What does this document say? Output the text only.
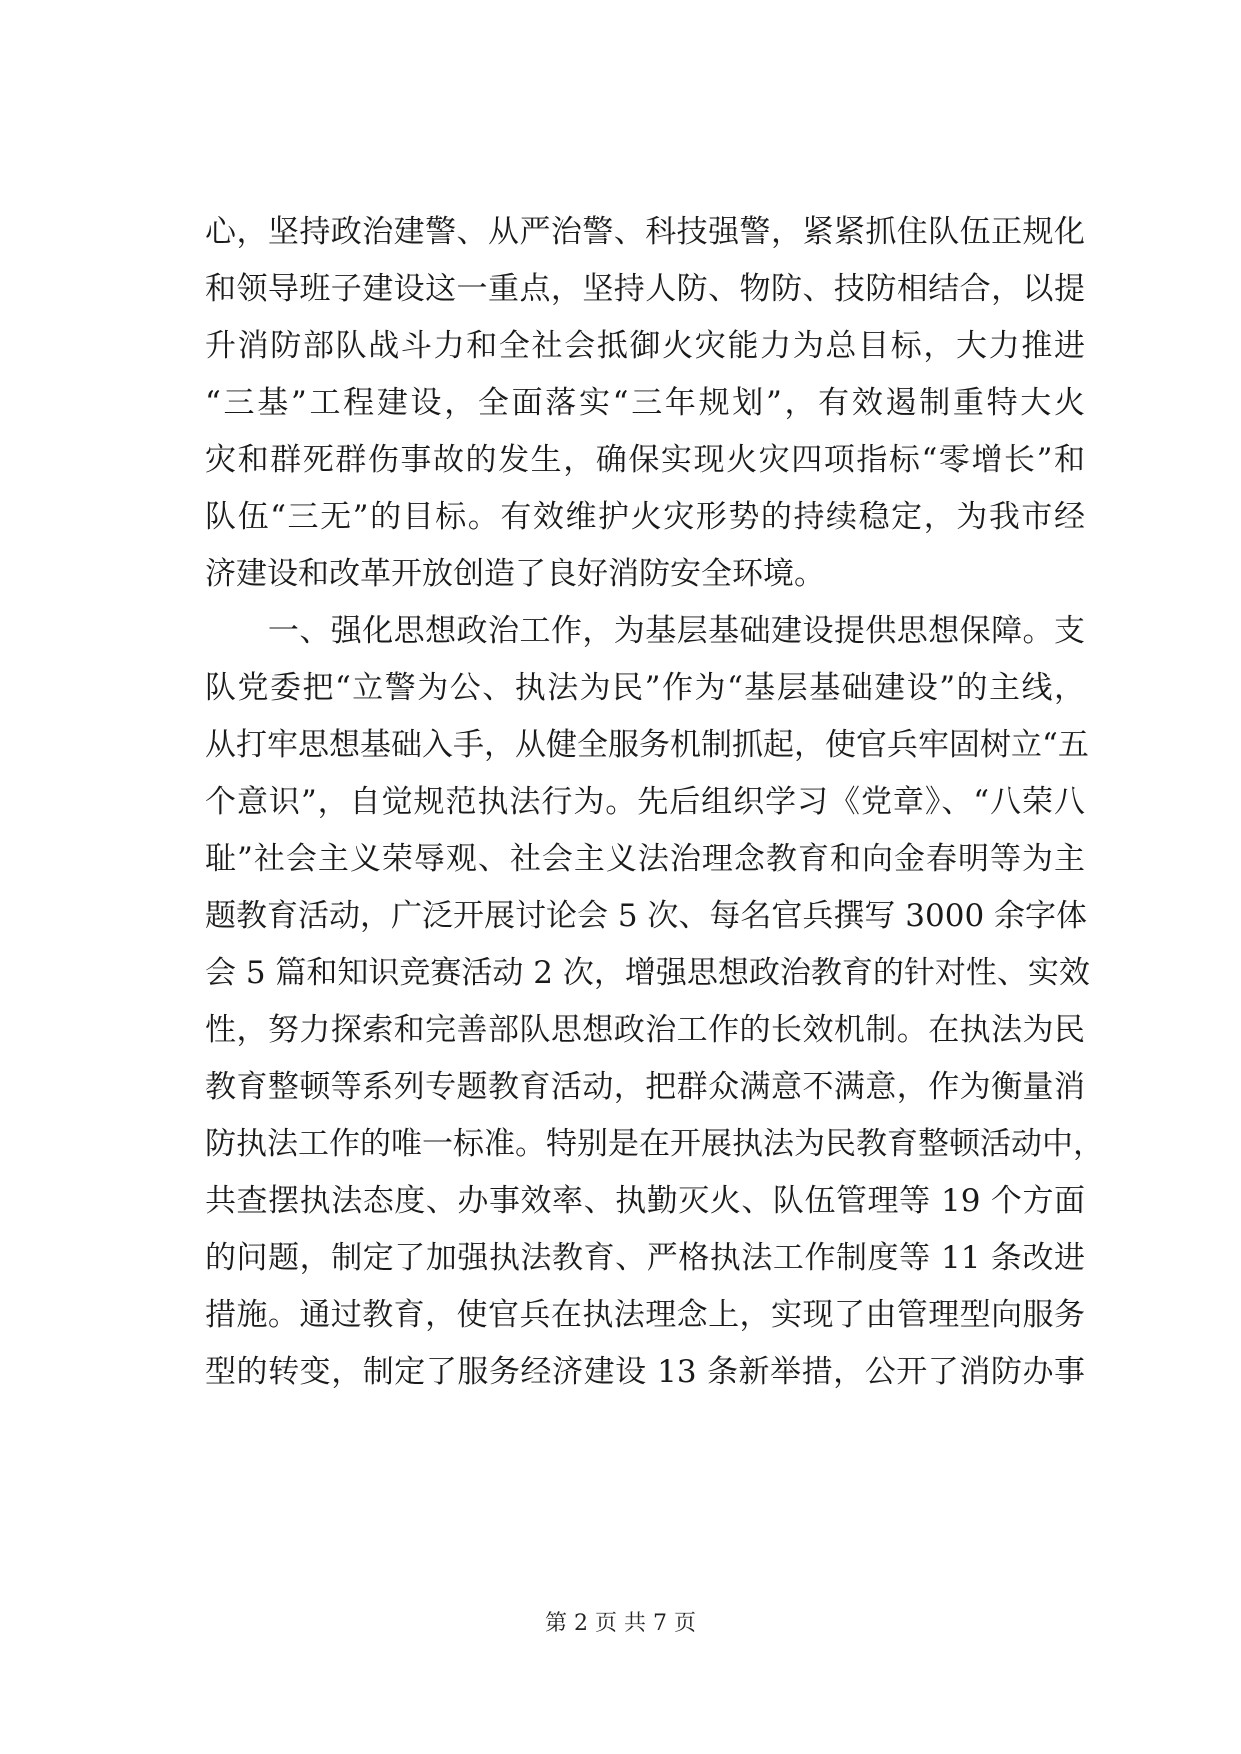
心，坚持政治建警、从严治警、科技强警，紧紧抓住队伍正规化
和领导班子建设这一重点，坚持人防、物防、技防相结合，以提
升消防部队战斗力和全社会抵御火灾能力为总目标，大力推进
“三基”工程建设，全面落实“三年规划”，有效遏制重特大火
灾和群死群伤事故的发生，确保实现火灾四项指标“零增长”和
队伍“三无”的目标。有效维护火灾形势的持续稳定，为我市经
济建设和改革开放创造了良好消防安全环境。
　　一、强化思想政治工作，为基层基础建设提供思想保障。支
队党委把“立警为公、执法为民”作为“基层基础建设”的主线，
从打牢思想基础入手，从健全服务机制抓起，使官兵牢固树立“五
个意识”，自觉规范执法行为。先后组织学习《党章》、“八荣八
耻”社会主义荣辱观、社会主义法治理念教育和向金春明等为主
题教育活动，广泛开展讨论会 5 次、每名官兵撰写 3000 余字体
会 5 篇和知识竞赛活动 2 次，增强思想政治教育的针对性、实效
性，努力探索和完善部队思想政治工作的长效机制。在执法为民
教育整顿等系列专题教育活动，把群众满意不满意，作为衡量消
防执法工作的唯一标准。特别是在开展执法为民教育整顿活动中，
共查摆执法态度、办事效率、执勤灭火、队伍管理等 19 个方面
的问题，制定了加强执法教育、严格执法工作制度等 11 条改进
措施。通过教育，使官兵在执法理念上，实现了由管理型向服务
型的转变，制定了服务经济建设 13 条新举措，公开了消防办事
第 2 页 共 7 页
